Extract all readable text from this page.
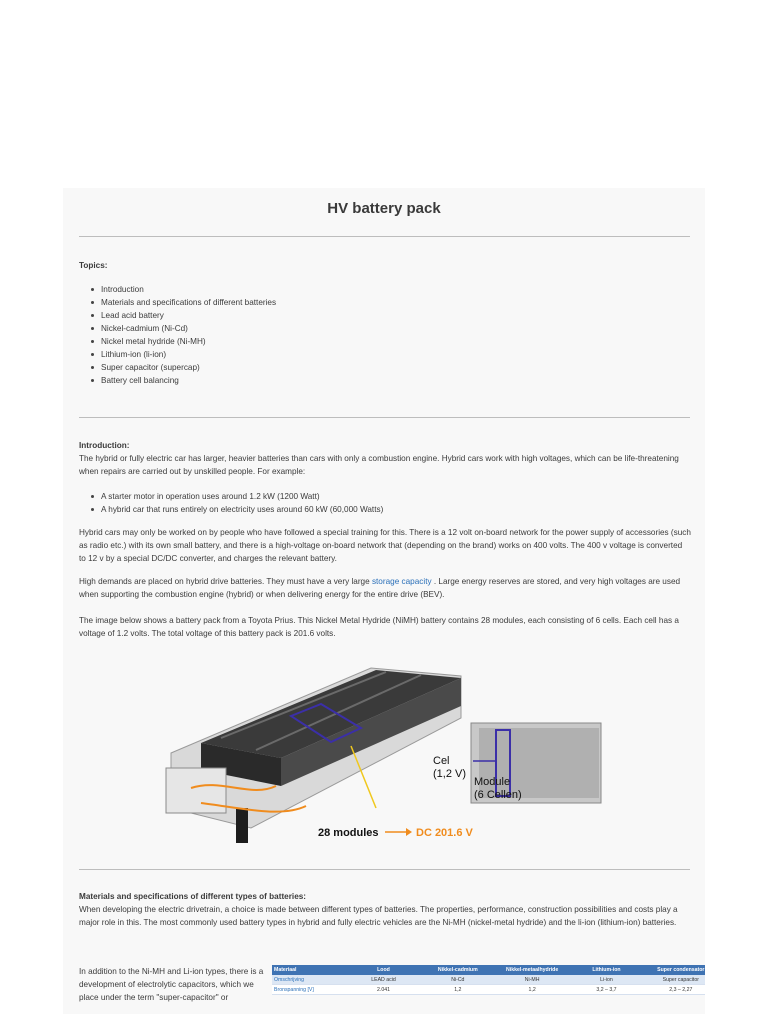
HV battery pack
Topics:
Introduction
Materials and specifications of different batteries
Lead acid battery
Nickel-cadmium (Ni-Cd)
Nickel metal hydride (Ni-MH)
Lithium-ion (li-ion)
Super capacitor (supercap)
Battery cell balancing
Introduction:
The hybrid or fully electric car has larger, heavier batteries than cars with only a combustion engine. Hybrid cars work with high voltages, which can be life-threatening when repairs are carried out by unskilled people. For example:
A starter motor in operation uses around 1.2 kW (1200 Watt)
A hybrid car that runs entirely on electricity uses around 60 kW (60,000 Watts)
Hybrid cars may only be worked on by people who have followed a special training for this. There is a 12 volt on-board network for the power supply of accessories (such as radio etc.) with its own small battery, and there is a high-voltage on-board network that (depending on the brand) works on 400 volts. The 400 v voltage is converted to 12 v by a special DC/DC converter, and charges the relevant battery.
High demands are placed on hybrid drive batteries. They must have a very large storage capacity . Large energy reserves are stored, and very high voltages are used when supporting the combustion engine (hybrid) or when delivering energy for the entire drive (BEV).
The image below shows a battery pack from a Toyota Prius. This Nickel Metal Hydride (NiMH) battery contains 28 modules, each consisting of 6 cells. Each cell has a voltage of 1.2 volts. The total voltage of this battery pack is 201.6 volts.
Cel
(1,2 V)
Module
(6 Cellen)
28 modules	DC 201.6 V
Materials and specifications of different types of batteries:
When developing the electric drivetrain, a choice is made between different types of batteries. The properties, performance, construction possibilities and costs play a major role in this. The most commonly used battery types in hybrid and fully electric vehicles are the Ni-MH (nickel-metal hydride) and the li-ion (lithium-ion) batteries.
In addition to the Ni-MH and Li-ion types, there is a development of electrolytic capacitors, which we place under the term "super-capacitor" or
Materiaal	Lood	Nikkel-cadmium	Nikkel-metaalhydride	Lithium-ion	Super condensator
Omschrijving	LEAD acid	Ni-Cd	Ni-MH	Li-ion	Super capacitor
Bronspanning [V]	2.041	1,2	1,2	3,2 – 3,7	2,3 – 2,27
